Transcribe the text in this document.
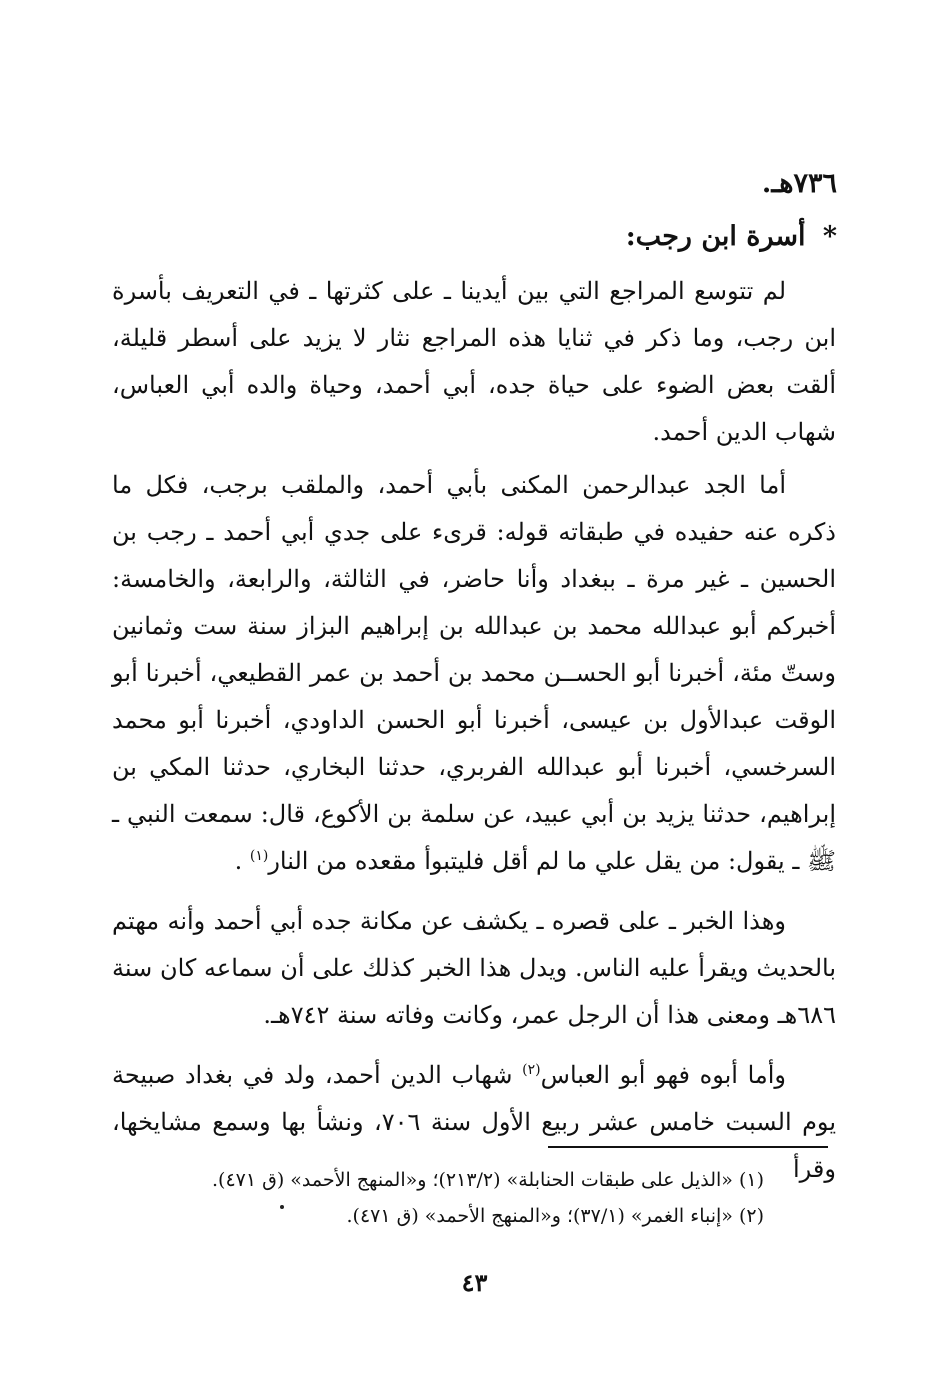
٧٣٦هـ.
* أسرة ابن رجب:

لم تتوسع المراجع التي بين أيدينا ـ على كثرتها ـ في التعريف بأسرة ابن رجب، وما ذكر في ثنايا هذه المراجع نثار لا يزيد على أسطر قليلة، ألقت بعض الضوء على حياة جده، أبي أحمد، وحياة والده أبي العباس، شهاب الدين أحمد.

أما الجد عبدالرحمن المكنى بأبي أحمد، والملقب برجب، فكل ما ذكره عنه حفيده في طبقاته قوله: قرىء على جدي أبي أحمد ـ رجب بن الحسين ـ غير مرة ـ ببغداد وأنا حاضر، في الثالثة، والرابعة، والخامسة: أخبركم أبو عبدالله محمد بن عبدالله بن إبراهيم البزاز سنة ست وثمانين وستّ مئة، أخبرنا أبو الحســن محمد بن أحمد بن عمر القطيعي، أخبرنا أبو الوقت عبدالأول بن عيسى، أخبرنا أبو الحسن الداودي، أخبرنا أبو محمد السرخسي، أخبرنا أبو عبدالله الفربري، حدثنا البخاري، حدثنا المكي بن إبراهيم، حدثنا يزيد بن أبي عبيد، عن سلمة بن الأكوع، قال: سمعت النبي ـ ﷺ ـ يقول: من يقل علي ما لم أقل فليتبوأ مقعده من النار$^{(١)}$ .

وهذا الخبر ـ على قصره ـ يكشف عن مكانة جده أبي أحمد وأنه مهتم بالحديث ويقرأ عليه الناس. ويدل هذا الخبر كذلك على أن سماعه كان سنة ٦٨٦هـ ومعنى هذا أن الرجل عمر، وكانت وفاته سنة ٧٤٢هـ.

وأما أبوه فهو أبو العباس$^{(٢)}$ شهاب الدين أحمد، ولد في بغداد صبيحة يوم السبت خامس عشر ربيع الأول سنة ٧٠٦، ونشأ بها وسمع مشايخها، وقرأ

(١) «الذيل على طبقات الحنابلة» (٢١٣/٢)؛ و«المنهج الأحمد» (ق ٤٧١).

(٢) «إنباء الغمر» (٣٧/١)؛ و«المنهج الأحمد» (ق ٤٧١).

٤٣
